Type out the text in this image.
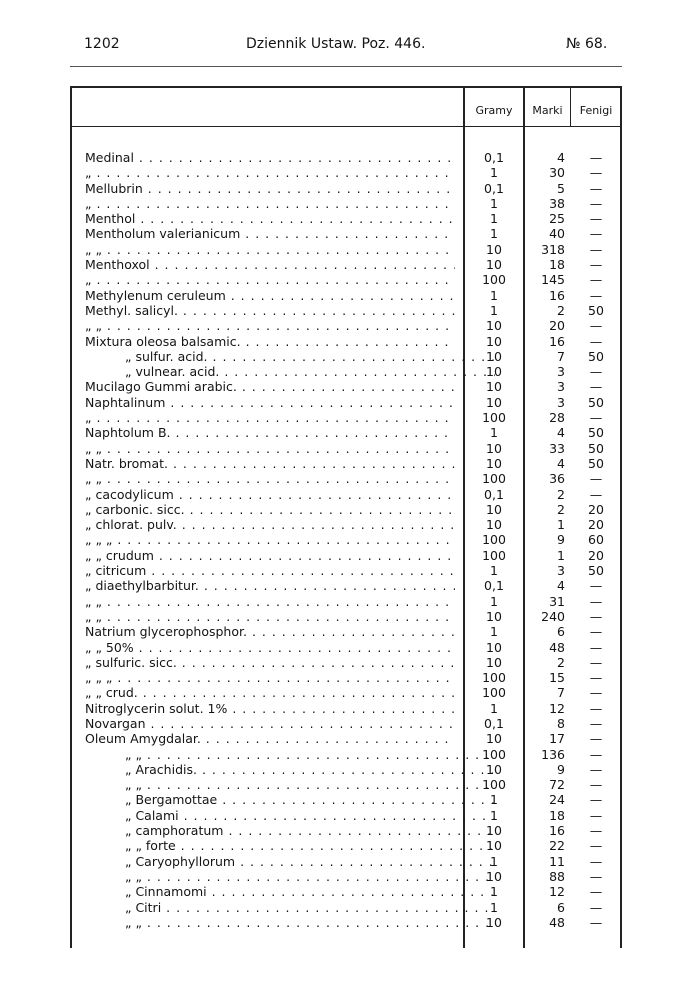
1202	Dziennik Ustaw. Poz. 446.	№ 68.
Gramy	Marki	Fenigi
Medinal . . .	0,1	4	—
„ . . .	1	30	—
Mellubrin . . .	0,1	5	—
„ . . .	1	38	—
Menthol . . .	1	25	—
Mentholum valerianicum . . .	1	40	—
„ „ . . .	10	318	—
Menthoxol . . .	10	18	—
„ . . .	100	145	—
Methylenum ceruleum . . .	1	16	—
Methyl. salicyl. . . .	1	2	50
„ „ . . .	10	20	—
Mixtura oleosa balsamic. . . .	10	16	—
„ sulfur. acid. . . .	10	7	50
„ vulnear. acid. . . .	10	3	—
Mucilago Gummi arabic. . . .	10	3	—
Naphtalinum . . .	10	3	50
„ . . .	100	28	—
Naphtolum B. . . .	1	4	50
„ „ . . .	10	33	50
Natr. bromat. . . .	10	4	50
„ „ . . .	100	36	—
„ cacodylicum . . .	0,1	2	—
„ carbonic. sicc. . . .	10	2	20
„ chlorat. pulv. . . .	10	1	20
„ „ „ . . .	100	9	60
„ „ crudum . . .	100	1	20
„ citricum . . .	1	3	50
„ diaethylbarbitur. . . .	0,1	4	—
„ „ . . .	1	31	—
„ „ . . .	10	240	—
Natrium glycerophosphor. . . .	1	6	—
„ „ 50% . . .	10	48	—
„ sulfuric. sicc. . . .	10	2	—
„ „ „ . . .	100	15	—
„ „ crud. . . .	100	7	—
Nitroglycerin solut. 1% . . .	1	12	—
Novargan . . .	0,1	8	—
Oleum Amygdalar. . . .	10	17	—
„ „ . . .	100	136	—
„ Arachidis. . . .	10	9	—
„ „ . . .	100	72	—
„ Bergamottae . . .	1	24	—
„ Calami . . .	1	18	—
„ camphoratum . . .	10	16	—
„ „ forte . . .	10	22	—
„ Caryophyllorum . . .	1	11	—
„ „ . . .	10	88	—
„ Cinnamomi . . .	1	12	—
„ Citri . . .	1	6	—
„ „ . . .	10	48	—
